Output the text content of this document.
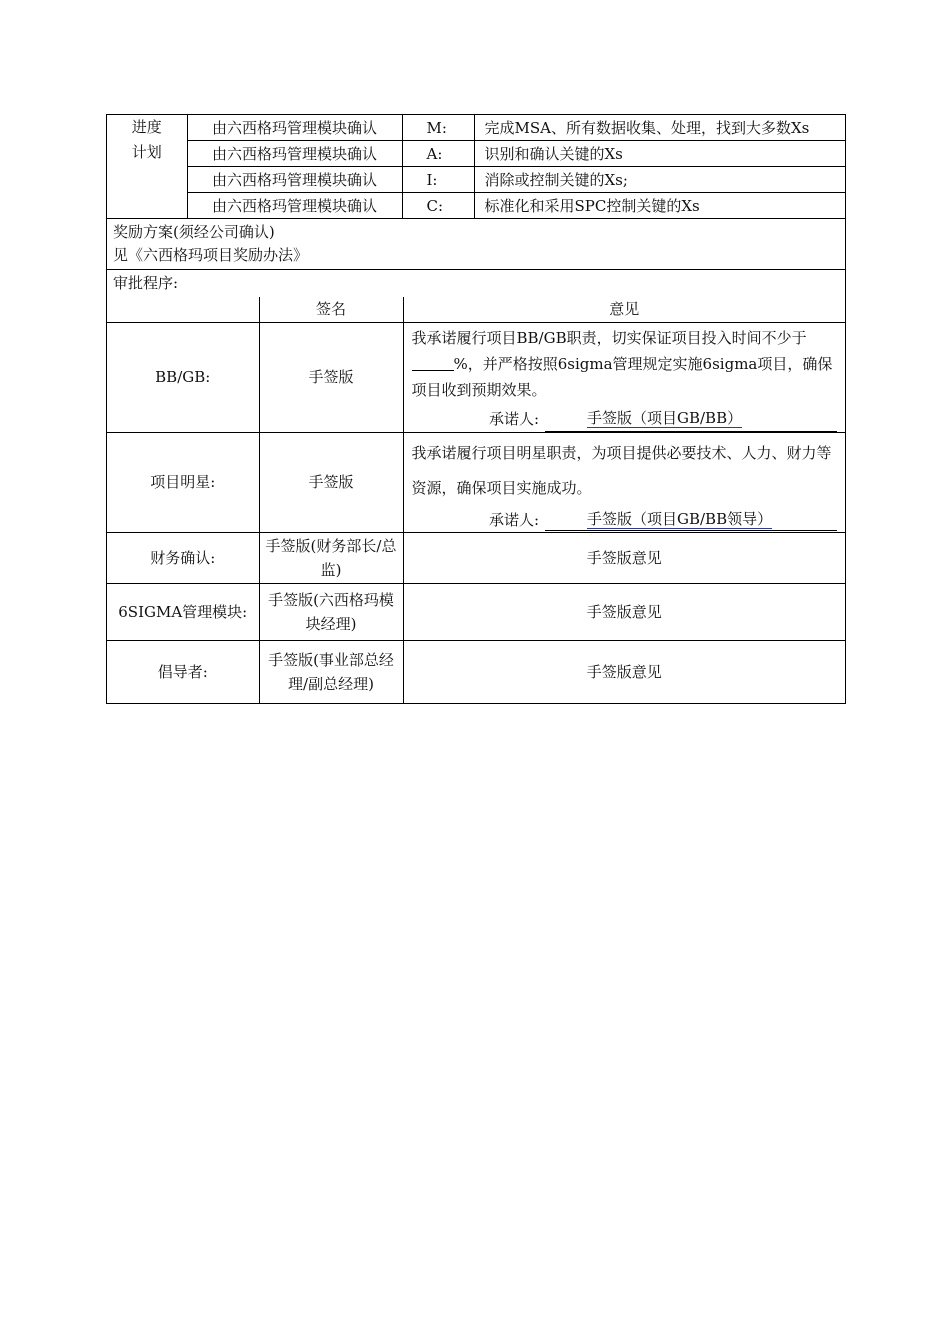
进度
计划	由六西格玛管理模块确认	M:	完成MSA、所有数据收集、处理，找到大多数Xs
	由六西格玛管理模块确认	A:	识别和确认关键的Xs
	由六西格玛管理模块确认	I:	消除或控制关键的Xs;
	由六西格玛管理模块确认	C:	标准化和采用SPC控制关键的Xs

奖励方案(须经公司确认)
见《六西格玛项目奖励办法》			

审批程序:			
	签名	意见
BB/GB:	手签版	我承诺履行项目BB/GB职责，切实保证项目投入时间不少于%，并严格按照6sigma管理规定实施6sigma项目，确保项目收到预期效果。
承诺人: 手签版（项目GB/BB）

项目明星:	手签版	我承诺履行项目明星职责，为项目提供必要技术、人力、财力等资源，确保项目实施成功。
承诺人: 手签版（项目GB/BB领导）

财务确认:	手签版(财务部长/总监)	手签版意见
6SIGMA管理模块:	手签版(六西格玛模块经理)	手签版意见
倡导者:	手签版(事业部总经理/副总经理)	手签版意见
